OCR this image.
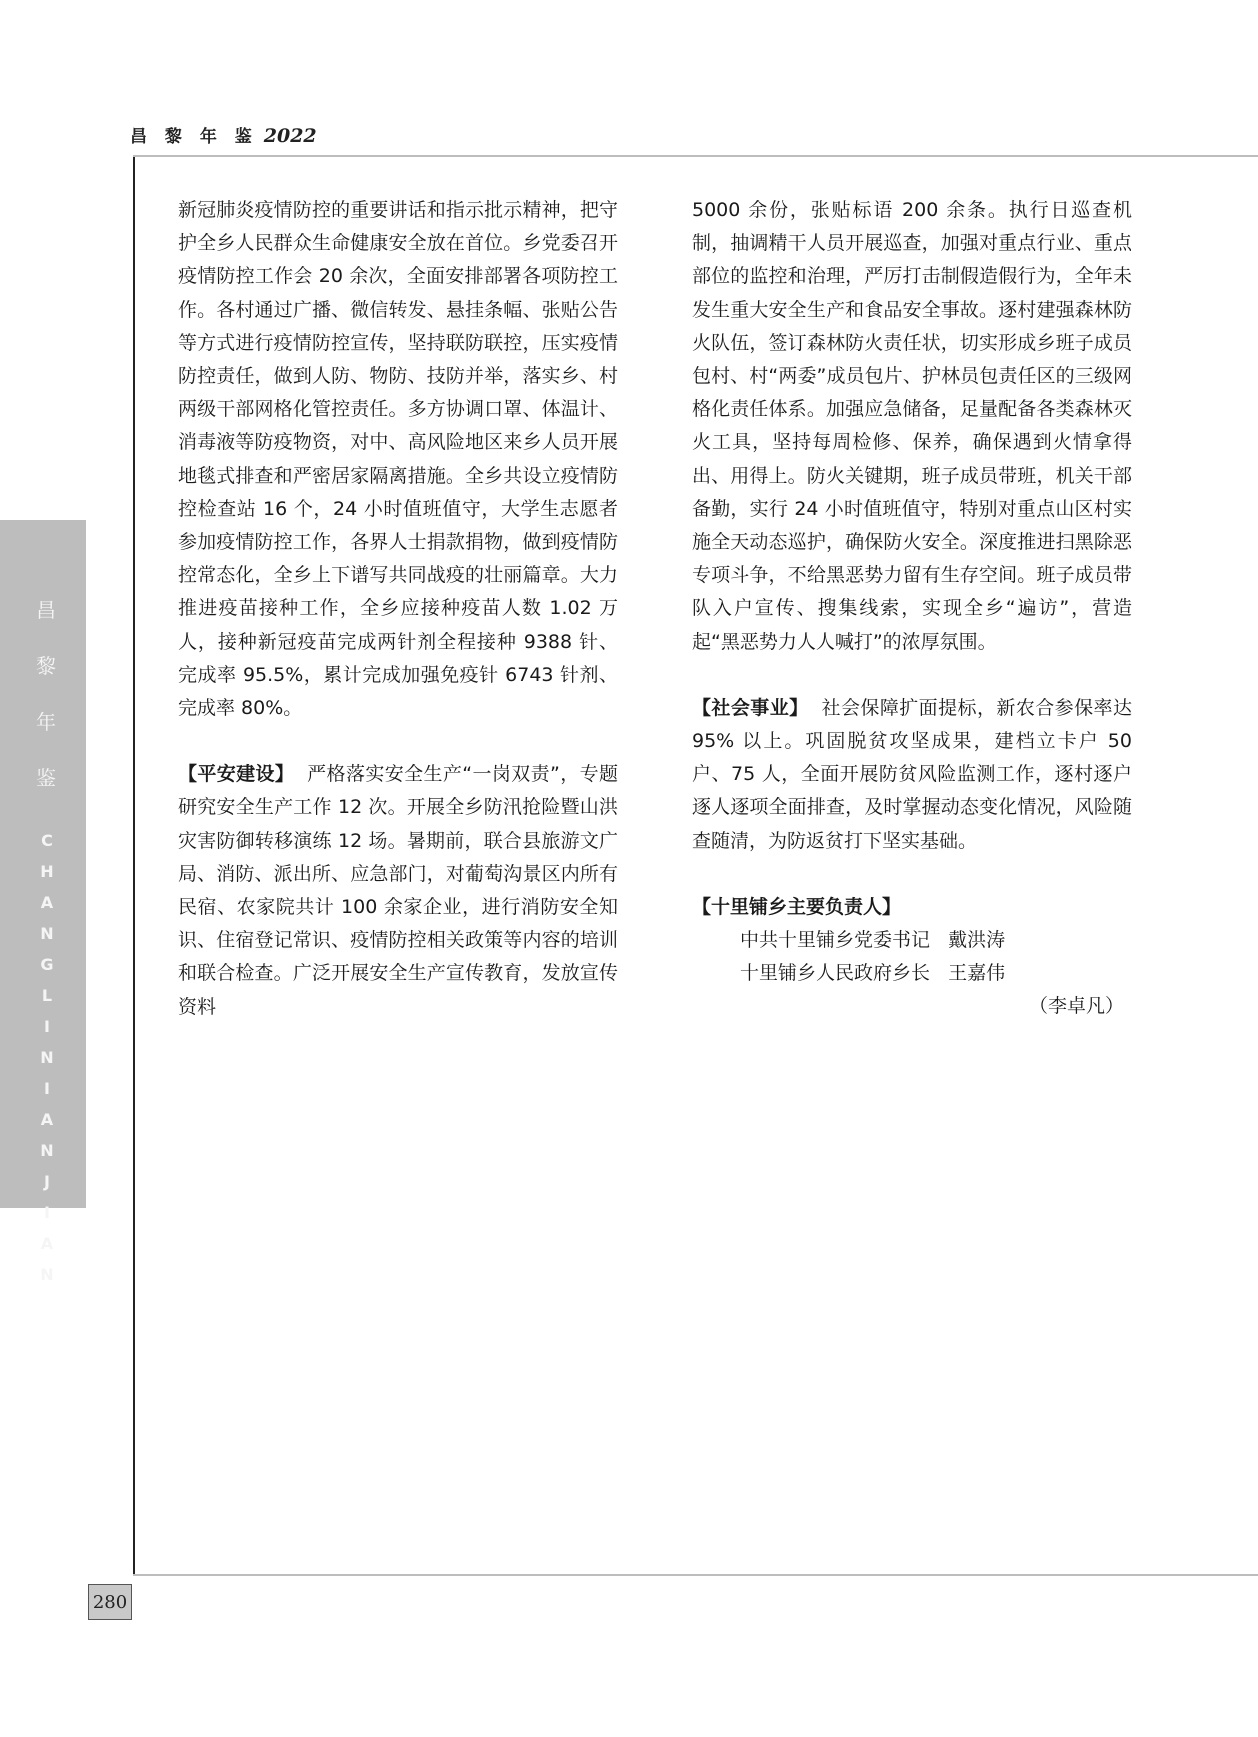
昌 黎 年 鉴 2022
昌
黎
年
鉴
C
H
A
N
G
L
I
N
I
A
N
J
I
A
N

新冠肺炎疫情防控的重要讲话和指示批示精神，把守护全乡人民群众生命健康安全放在首位。乡党委召开疫情防控工作会 20 余次，全面安排部署各项防控工作。各村通过广播、微信转发、悬挂条幅、张贴公告等方式进行疫情防控宣传，坚持联防联控，压实疫情防控责任，做到人防、物防、技防并举，落实乡、村两级干部网格化管控责任。多方协调口罩、体温计、消毒液等防疫物资，对中、高风险地区来乡人员开展地毯式排查和严密居家隔离措施。全乡共设立疫情防控检查站 16 个，24 小时值班值守，大学生志愿者参加疫情防控工作，各界人士捐款捐物，做到疫情防控常态化，全乡上下谱写共同战疫的壮丽篇章。大力推进疫苗接种工作，全乡应接种疫苗人数 1.02 万人，接种新冠疫苗完成两针剂全程接种 9388 针、完成率 95.5%，累计完成加强免疫针 6743 针剂、完成率 80%。

【平安建设】 严格落实安全生产“一岗双责”，专题研究安全生产工作 12 次。开展全乡防汛抢险暨山洪灾害防御转移演练 12 场。暑期前，联合县旅游文广局、消防、派出所、应急部门，对葡萄沟景区内所有民宿、农家院共计 100 余家企业，进行消防安全知识、住宿登记常识、疫情防控相关政策等内容的培训和联合检查。广泛开展安全生产宣传教育，发放宣传资料

5000 余份，张贴标语 200 余条。执行日巡查机制，抽调精干人员开展巡查，加强对重点行业、重点部位的监控和治理，严厉打击制假造假行为，全年未发生重大安全生产和食品安全事故。逐村建强森林防火队伍，签订森林防火责任状，切实形成乡班子成员包村、村“两委”成员包片、护林员包责任区的三级网格化责任体系。加强应急储备，足量配备各类森林灭火工具，坚持每周检修、保养，确保遇到火情拿得出、用得上。防火关键期，班子成员带班，机关干部备勤，实行 24 小时值班值守，特别对重点山区村实施全天动态巡护，确保防火安全。深度推进扫黑除恶专项斗争，不给黑恶势力留有生存空间。班子成员带队入户宣传、搜集线索，实现全乡“遍访”，营造起“黑恶势力人人喊打”的浓厚氛围。

【社会事业】 社会保障扩面提标，新农合参保率达 95% 以上。巩固脱贫攻坚成果，建档立卡户 50 户、75 人，全面开展防贫风险监测工作，逐村逐户逐人逐项全面排查，及时掌握动态变化情况，风险随查随清，为防返贫打下坚实基础。

【十里铺乡主要负责人】

中共十里铺乡党委书记 戴洪涛

十里铺乡人民政府乡长 王嘉伟

（李卓凡）

280
